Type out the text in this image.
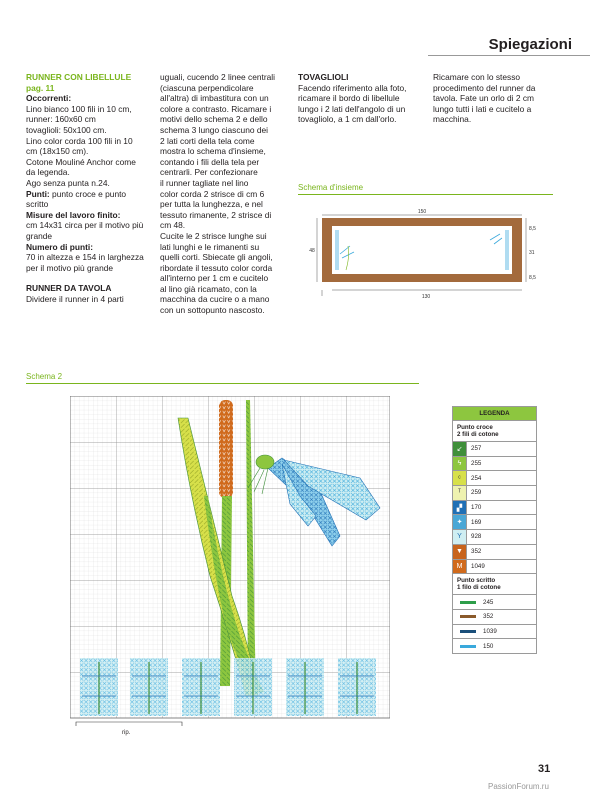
Spiegazioni

RUNNER CON LIBELLULE

pag. 11

Occorrenti:

Lino bianco 100 fili in 10 cm,

runner: 160x60 cm

tovaglioli: 50x100 cm.

Lino color corda 100 fili in 10

cm (18x150 cm).

Cotone Mouliné Anchor come

da legenda.

Ago senza punta n.24.

Punti: punto croce e punto

scritto

Misure del lavoro finito:

cm 14x31 circa per il motivo più

grande

Numero di punti:

70 in altezza e 154 in larghezza

per il motivo più grande

RUNNER DA TAVOLA

Dividere il runner in 4 parti

uguali, cucendo 2 linee centrali

(ciascuna perpendicolare

all'altra) di imbastitura con un

colore a contrasto. Ricamare i

motivi dello schema 2 e dello

schema 3 lungo ciascuno dei

2 lati corti della tela come

mostra lo schema d'insieme,

contando i fili della tela per

centrarli. Per confezionare

il runner tagliate nel lino

color corda 2 strisce di cm 6

per tutta la lunghezza, e nel

tessuto rimanente, 2 strisce di

cm 48.

Cucite le 2 strisce lunghe sui

lati lunghi e le rimanenti su

quelli corti. Sbiecate gli angoli,

ribordate il tessuto color corda

all'interno per 1 cm e cucitelo

al lino già ricamato, con la

macchina da cucire o a mano

con un sottopunto nascosto.

TOVAGLIOLI

Facendo riferimento alla foto,

ricamare il bordo di libellule

lungo i 2 lati dell'angolo di un

tovagliolo, a 1 cm dall'orlo.

Ricamare con lo stesso

procedimento del runner da

tavola. Fate un orlo di 2 cm

lungo tutti i lati e cucitelo a

macchina.

Schema d'insieme
150
130
48
8,5
31
8,5
Schema 2
rip.
LEGENDA
Punto croce
2 fili di cotone
↙	257
ϟ	255
ᶜ	254
ᵀ	259
▞	170
✦	169
Y	928
▼	352
M	1049
Punto scritto
1 filo di cotone
245
352
1039
150
31
PassionForum.ru
